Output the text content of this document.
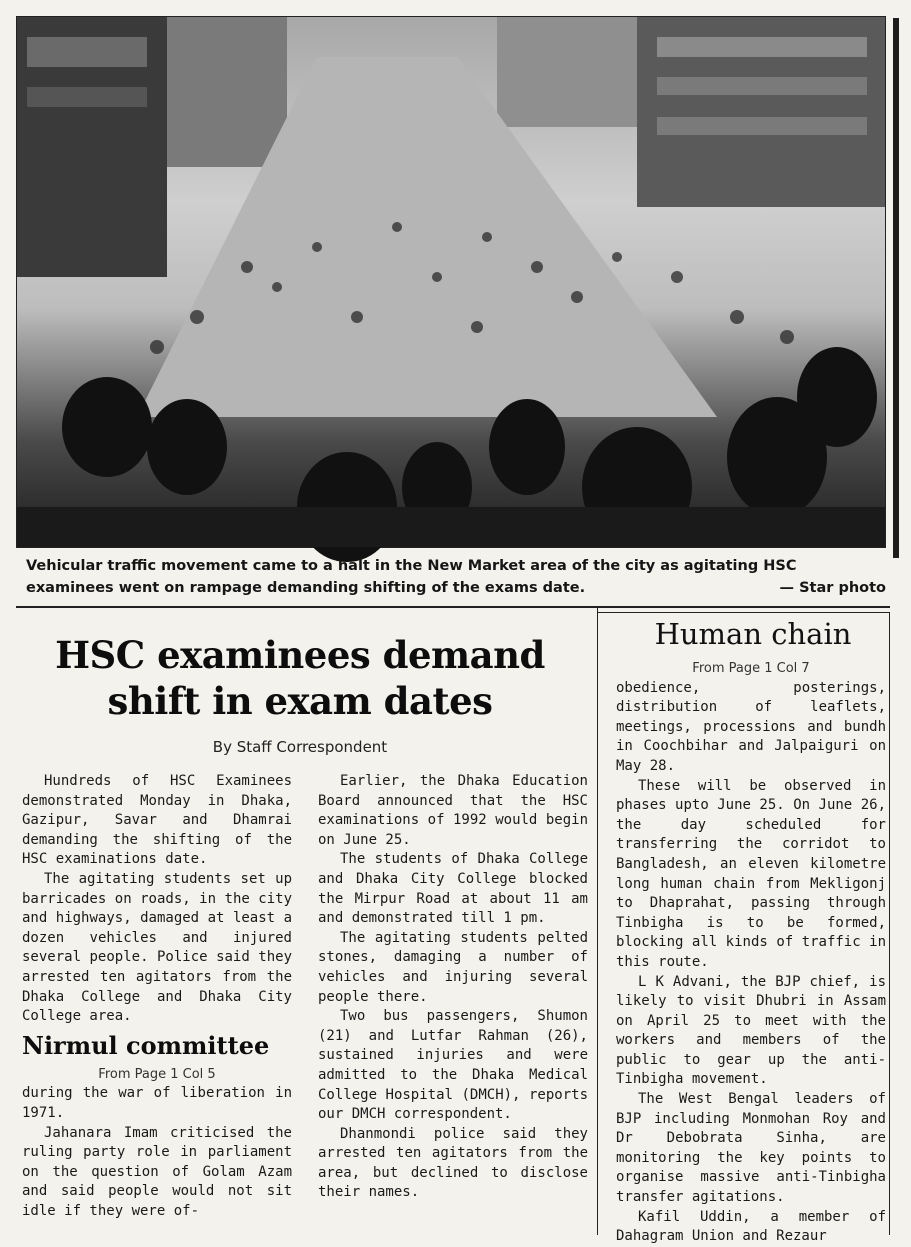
Vehicular traffic movement came to a halt in the New Market area of the city as agitating HSC examinees went on rampage demanding shifting of the exams date.	— Star photo
HSC examinees demand
shift in exam dates
By Staff Correspondent

Hundreds of HSC Examinees demonstrated Monday in Dhaka, Gazipur, Savar and Dhamrai demanding the shifting of the HSC examinations date.

The agitating students set up barricades on roads, in the city and highways, damaged at least a dozen vehicles and injured several people. Police said they arrested ten agitators from the Dhaka College and Dhaka City College area.

Nirmul committee
From Page 1 Col 5

during the war of liberation in 1971.

Jahanara Imam criticised the ruling party role in parliament on the question of Golam Azam and said people would not sit idle if they were of-

Earlier, the Dhaka Education Board announced that the HSC examinations of 1992 would begin on June 25.

The students of Dhaka College and Dhaka City College blocked the Mirpur Road at about 11 am and demonstrated till 1 pm.

The agitating students pelted stones, damaging a number of vehicles and injuring several people there.

Two bus passengers, Shumon (21) and Lutfar Rahman (26), sustained injuries and were admitted to the Dhaka Medical College Hospital (DMCH), reports our DMCH correspondent.

Dhanmondi police said they arrested ten agitators from the area, but declined to disclose their names.

Human chain
From Page 1 Col 7

obedience, posterings, distribution of leaflets, meetings, processions and bundh in Coochbihar and Jalpaiguri on May 28.

These will be observed in phases upto June 25. On June 26, the day scheduled for transferring the corridot to Bangladesh, an eleven kilometre long human chain from Mekligonj to Dhaprahat, passing through Tinbigha is to be formed, blocking all kinds of traffic in this route.

L K Advani, the BJP chief, is likely to visit Dhubri in Assam on April 25 to meet with the workers and members of the public to gear up the anti-Tinbigha movement.

The West Bengal leaders of BJP including Monmohan Roy and Dr Debobrata Sinha, are monitoring the key points to organise massive anti-Tinbigha transfer agitations.

Kafil Uddin, a member of Dahagram Union and Rezaur
